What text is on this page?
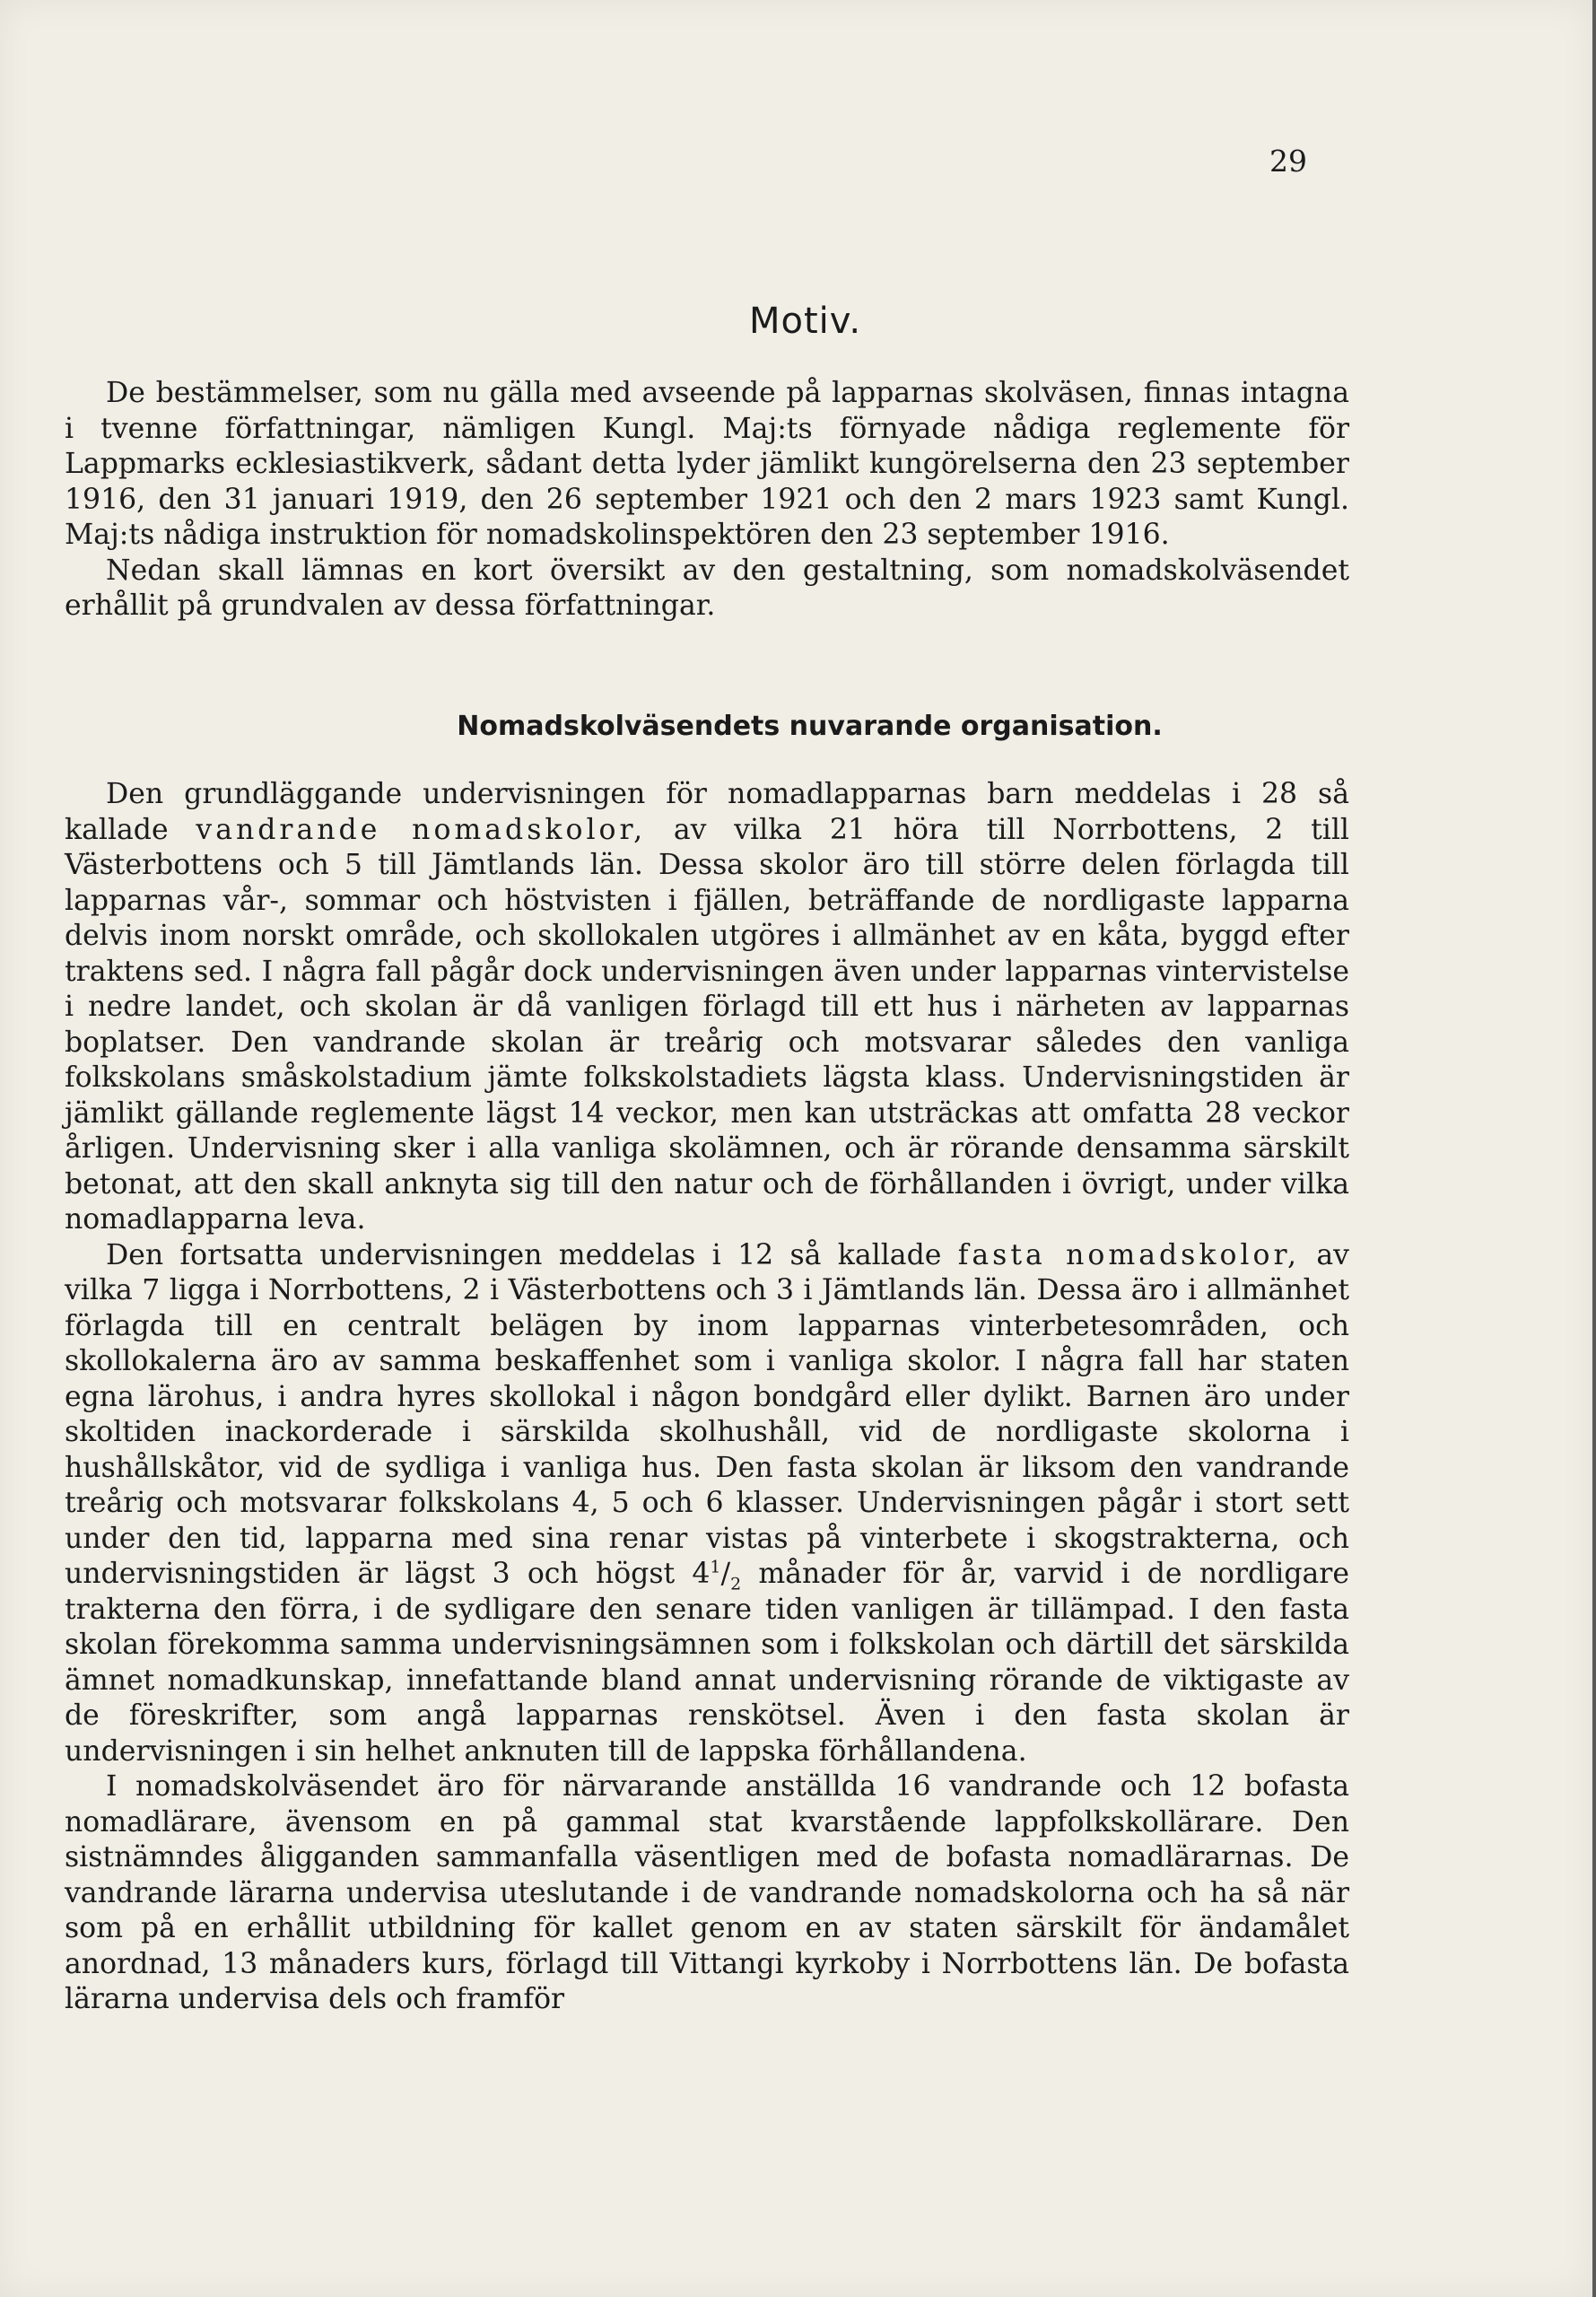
29
Motiv.

De bestämmelser, som nu gälla med avseende på lapparnas skolväsen, finnas intagna i tvenne författningar, nämligen Kungl. Maj:ts förnyade nådiga reglemente för Lappmarks ecklesiastikverk, sådant detta lyder jämlikt kungörelserna den 23 september 1916, den 31 januari 1919, den 26 september 1921 och den 2 mars 1923 samt Kungl. Maj:ts nådiga instruktion för nomadskolinspektören den 23 september 1916.

Nedan skall lämnas en kort översikt av den gestaltning, som nomadskolväsendet erhållit på grundvalen av dessa författningar.

Nomadskolväsendets nuvarande organisation.

Den grundläggande undervisningen för nomadlapparnas barn meddelas i 28 så kallade vandrande nomadskolor, av vilka 21 höra till Norrbottens, 2 till Västerbottens och 5 till Jämtlands län. Dessa skolor äro till större delen förlagda till lapparnas vår-, sommar och höstvisten i fjällen, beträffande de nordligaste lapparna delvis inom norskt område, och skollokalen utgöres i allmänhet av en kåta, byggd efter traktens sed. I några fall pågår dock undervisningen även under lapparnas vintervistelse i nedre landet, och skolan är då vanligen förlagd till ett hus i närheten av lapparnas boplatser. Den vandrande skolan är treårig och motsvarar således den vanliga folkskolans småskolstadium jämte folkskolstadiets lägsta klass. Undervisningstiden är jämlikt gällande reglemente lägst 14 veckor, men kan utsträckas att omfatta 28 veckor årligen. Undervisning sker i alla vanliga skolämnen, och är rörande densamma särskilt betonat, att den skall anknyta sig till den natur och de förhållanden i övrigt, under vilka nomadlapparna leva.

Den fortsatta undervisningen meddelas i 12 så kallade fasta nomadskolor, av vilka 7 ligga i Norrbottens, 2 i Västerbottens och 3 i Jämtlands län. Dessa äro i allmänhet förlagda till en centralt belägen by inom lapparnas vinterbetesområden, och skollokalerna äro av samma beskaffenhet som i vanliga skolor. I några fall har staten egna lärohus, i andra hyres skollokal i någon bondgård eller dylikt. Barnen äro under skoltiden inackorderade i särskilda skolhushåll, vid de nordligaste skolorna i hushållskåtor, vid de sydliga i vanliga hus. Den fasta skolan är liksom den vandrande treårig och motsvarar folkskolans 4, 5 och 6 klasser. Undervisningen pågår i stort sett under den tid, lapparna med sina renar vistas på vinterbete i skogstrakterna, och undervisningstiden är lägst 3 och högst $4^1/_2$ månader för år, varvid i de nordligare trakterna den förra, i de sydligare den senare tiden vanligen är tillämpad. I den fasta skolan förekomma samma undervisningsämnen som i folkskolan och därtill det särskilda ämnet nomadkunskap, innefattande bland annat undervisning rörande de viktigaste av de föreskrifter, som angå lapparnas renskötsel. Även i den fasta skolan är undervisningen i sin helhet anknuten till de lappska förhållandena.

I nomadskolväsendet äro för närvarande anställda 16 vandrande och 12 bofasta nomadlärare, ävensom en på gammal stat kvarstående lappfolkskollärare. Den sistnämndes åligganden sammanfalla väsentligen med de bofasta nomadlärarnas. De vandrande lärarna undervisa uteslutande i de vandrande nomadskolorna och ha så när som på en erhållit utbildning för kallet genom en av staten särskilt för ändamålet anordnad, 13 månaders kurs, förlagd till Vittangi kyrkoby i Norrbottens län. De bofasta lärarna undervisa dels och framför
